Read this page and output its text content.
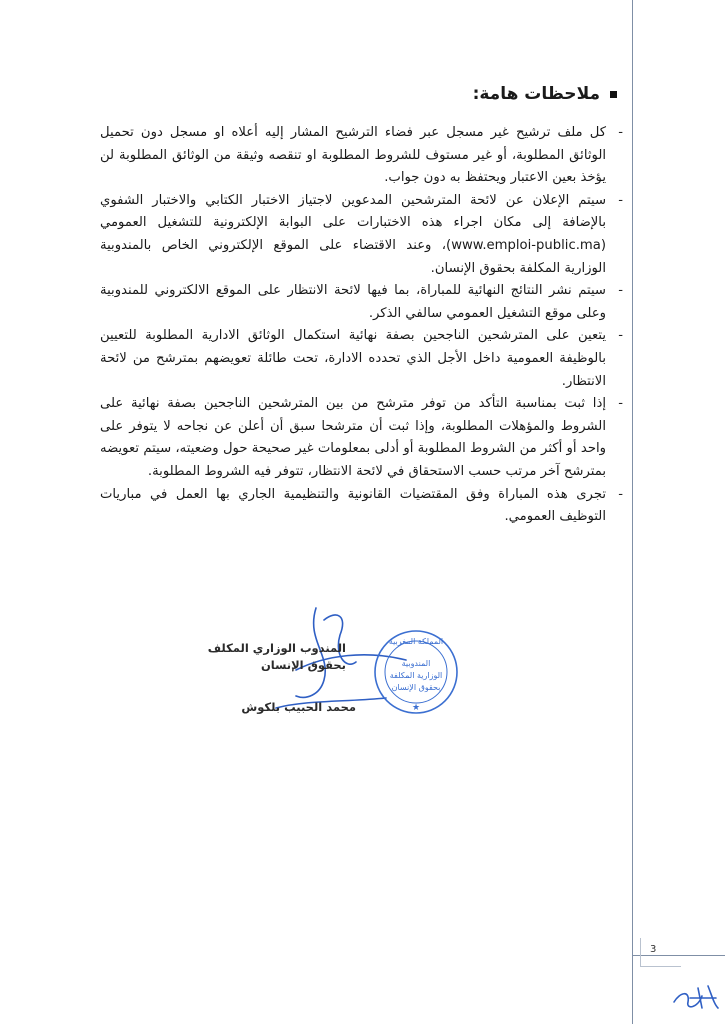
3
ملاحظات هامة:
-
كل ملف ترشيح غير مسجل عبر فضاء الترشيح المشار إليه أعلاه او مسجل دون تحميل الوثائق المطلوبة، أو غير مستوف للشروط المطلوبة او تنقصه وثيقة من الوثائق المطلوبة لن يؤخذ بعين الاعتبار ويحتفظ به دون جواب.
-
سيتم الإعلان عن لائحة المترشحين المدعوين لاجتياز الاختبار الكتابي والاختبار الشفوي بالإضافة إلى مكان اجراء هذه الاختبارات على البوابة الإلكترونية للتشغيل العمومي (www.emploi-public.ma)، وعند الاقتضاء على الموقع الإلكتروني الخاص بالمندوبية الوزارية المكلفة بحقوق الإنسان.
-
سيتم نشر النتائج النهائية للمباراة، بما فيها لائحة الانتظار على الموقع الالكتروني للمندوبية وعلى موقع التشغيل العمومي سالفي الذكر.
-
يتعين على المترشحين الناجحين بصفة نهائية استكمال الوثائق الادارية المطلوبة للتعيين بالوظيفة العمومية داخل الأجل الذي تحدده الادارة، تحت طائلة تعويضهم بمترشح من لائحة الانتظار.
-
إذا ثبت بمناسبة التأكد من توفر مترشح من بين المترشحين الناجحين بصفة نهائية على الشروط والمؤهلات المطلوبة، وإذا ثبت أن مترشحا سبق أن أعلن عن نجاحه لا يتوفر على واحد أو أكثر من الشروط المطلوبة أو أدلى بمعلومات غير صحيحة حول وضعيته، سيتم تعويضه بمترشح آخر مرتب حسب الاستحقاق في لائحة الانتظار، تتوفر فيه الشروط المطلوبة.
-
تجرى هذه المباراة وفق المقتضيات القانونية والتنظيمية الجاري بها العمل في مباريات التوظيف العمومي.
المندوب الوزاري المكلف
بحقوق الإنسان
محمد الحبيب بلكوش	★
المملكة المغربية
المندوبية
الوزارية المكلفة
بحقوق الإنسان
